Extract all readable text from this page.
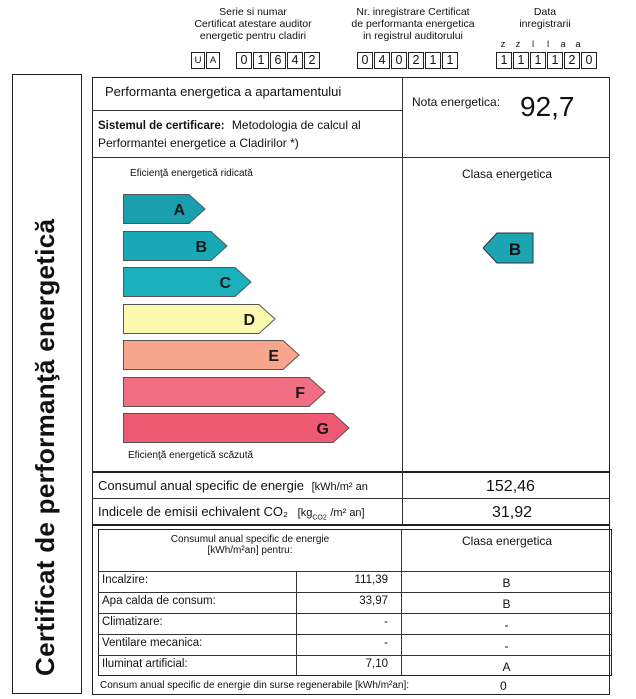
Serie si numar
Certificat atestare auditor
energetic pentru cladiri
U A	0 1 6 4 2
Nr. inregistrare Certificat
de performanta energetica
in registrul auditorului
0 4 0 2 1 1
Data
inregistrarii
z	z	l	l	a	a
1 1 1 1 2 0
Certificat de performanţă energetică
Performanta energetica a apartamentului
Nota energetica: 92,7
Sistemul de certificare: Metodologia de calcul al
Performantei energetice a Cladirilor *)
Eficienţă energetică ridicată
Eficienţă energetică scăzută
Clasa energetica
A
B
C
D
E
F
G
B
Consumul anual specific de energie [kWh/m² an	152,46
Indicele de emisii echivalent CO₂ [$kg_{CO2}$ /m² an]	31,92
Consumul anual specific de energie
[kWh/m²an] pentru:
Clasa energetica
Incalzire:	111,39	B
Apa calda de consum:	33,97	B
Climatizare:	-	-
Ventilare mecanica:	-	-
Iluminat artificial:	7,10	A
Consum anual specific de energie din surse regenerabile [kWh/m²an]:	0
